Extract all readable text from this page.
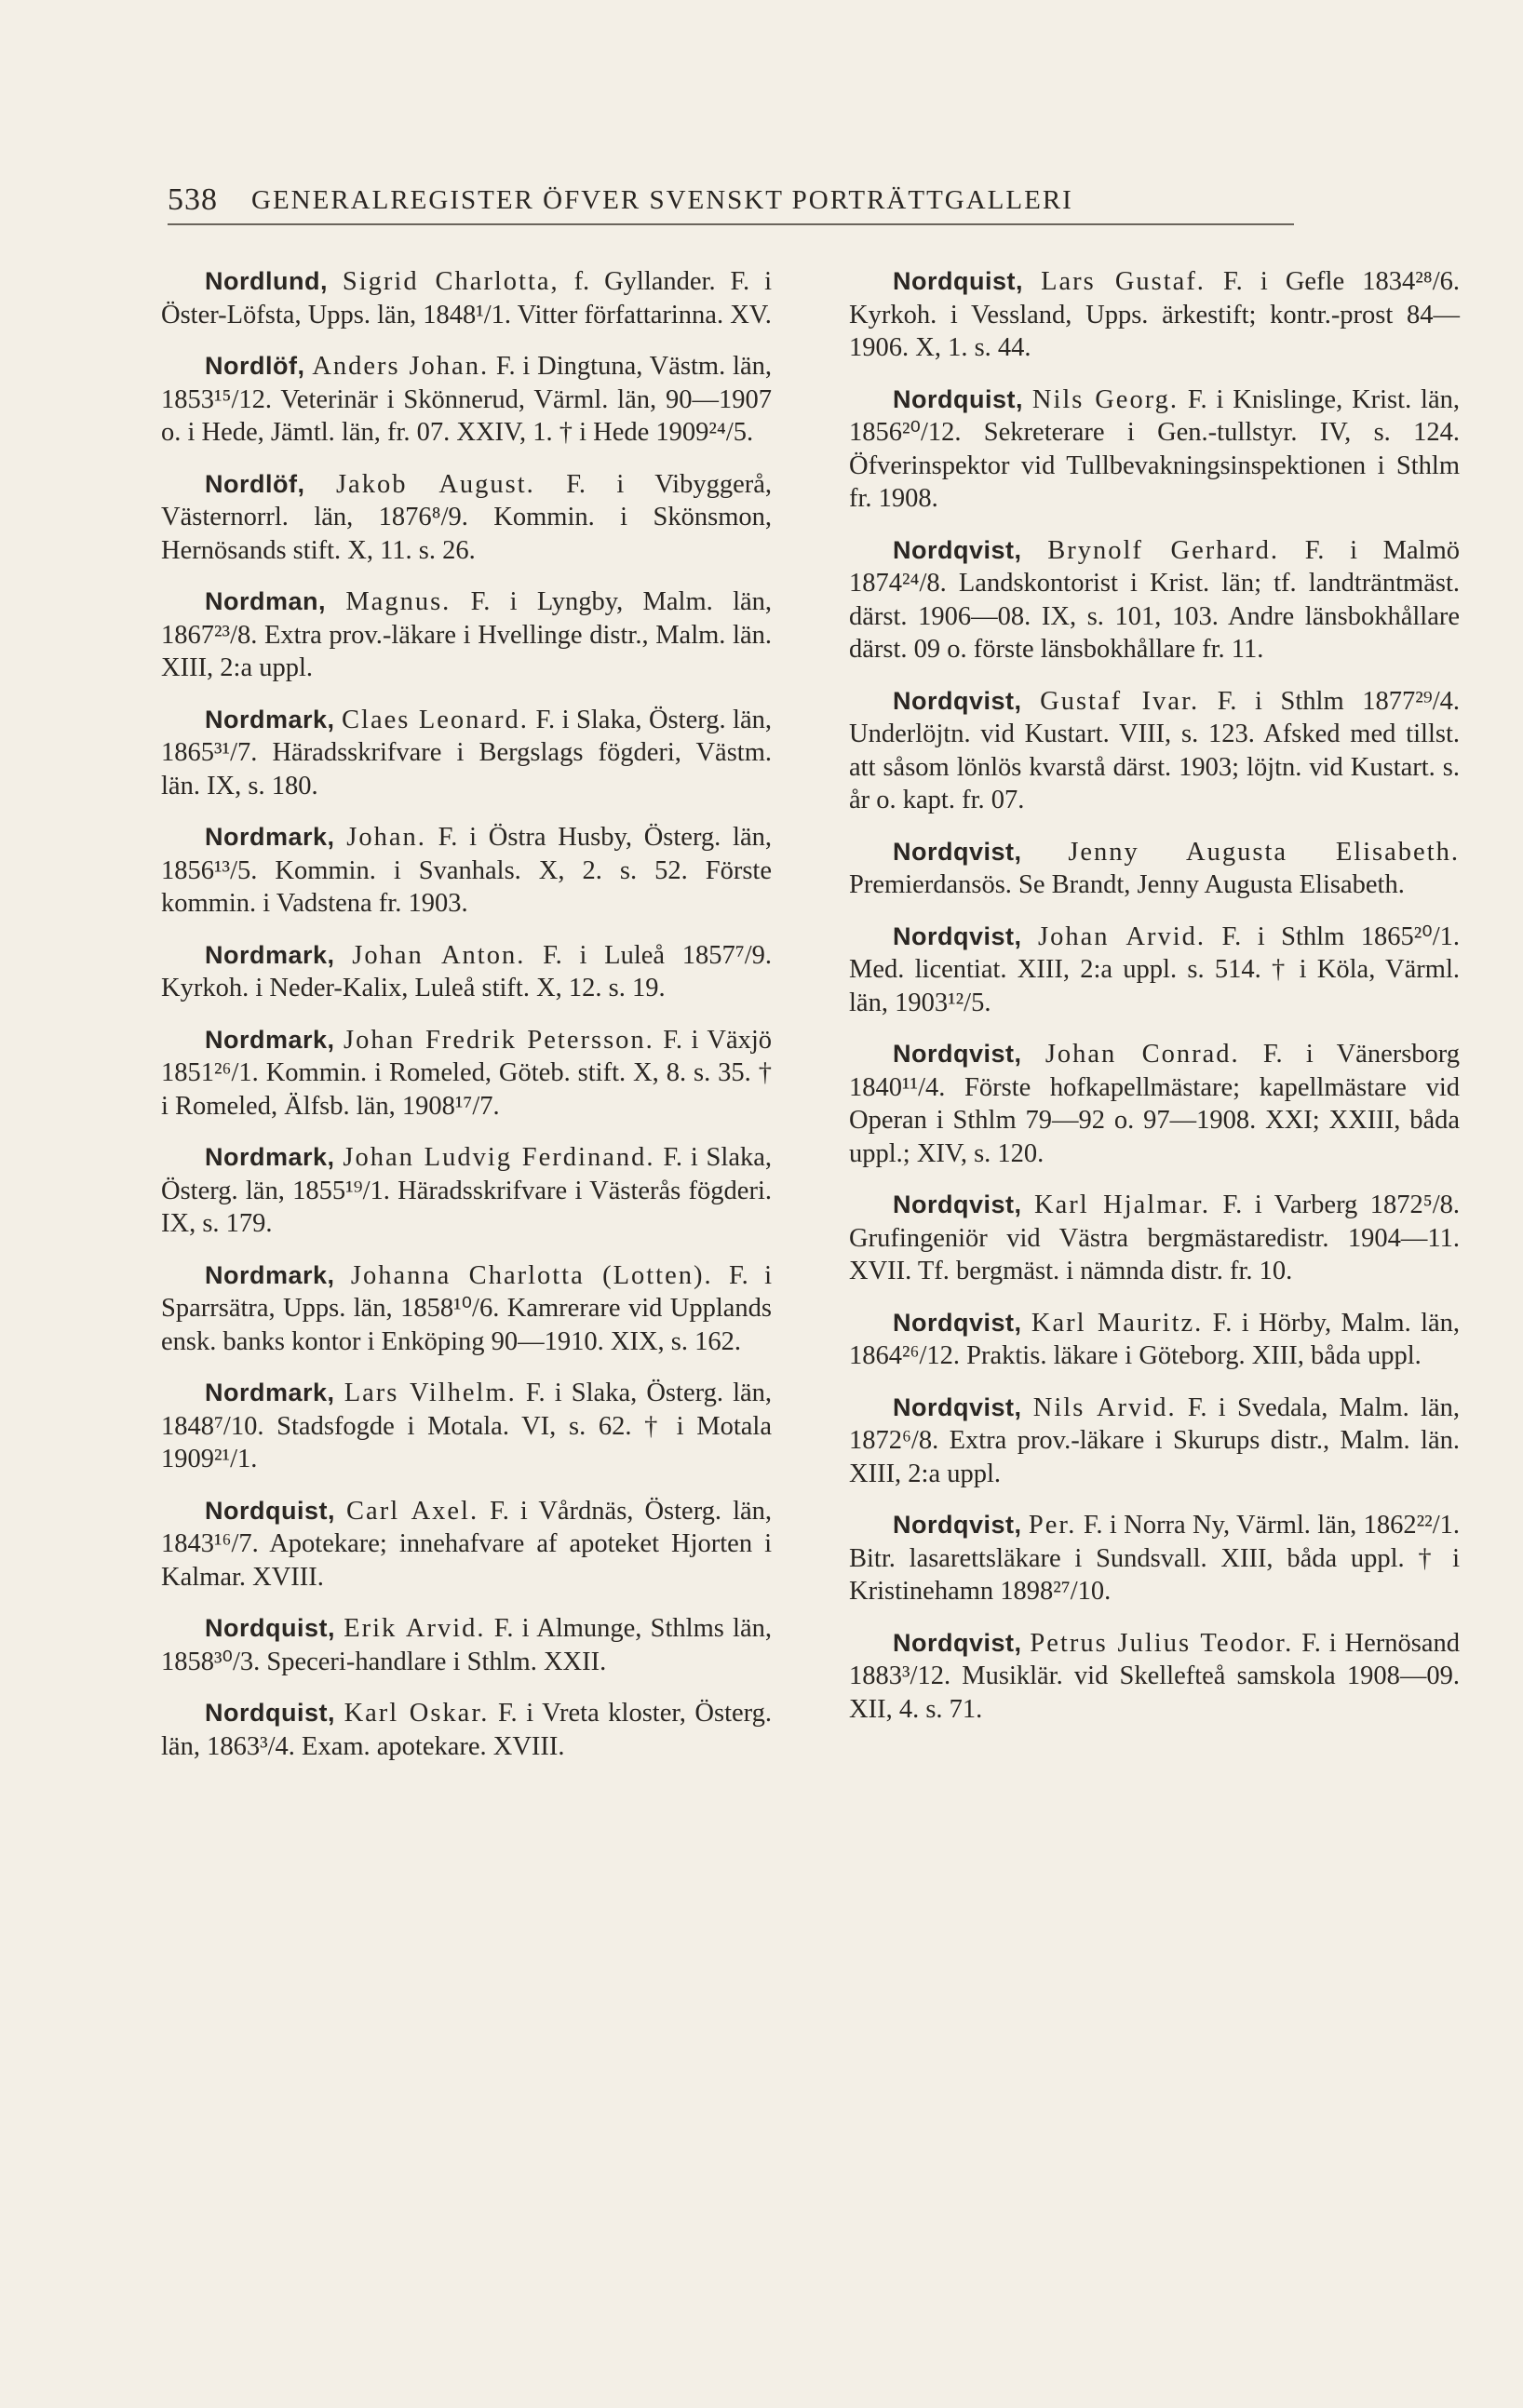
538 GENERALREGISTER ÖFVER SVENSKT PORTRÄTTGALLERI

Nordlund, Sigrid Charlotta, f. Gyllander. F. i Öster-Löfsta, Upps. län, 1848¹/1. Vitter författarinna. XV.

Nordlöf, Anders Johan. F. i Dingtuna, Västm. län, 1853¹⁵/12. Veterinär i Skönnerud, Värml. län, 90—1907 o. i Hede, Jämtl. län, fr. 07. XXIV, 1. † i Hede 1909²⁴/5.

Nordlöf, Jakob August. F. i Vibyggerå, Västernorrl. län, 1876⁸/9. Kommin. i Skönsmon, Hernösands stift. X, 11. s. 26.

Nordman, Magnus. F. i Lyngby, Malm. län, 1867²³/8. Extra prov.-läkare i Hvellinge distr., Malm. län. XIII, 2:a uppl.

Nordmark, Claes Leonard. F. i Slaka, Österg. län, 1865³¹/7. Häradsskrifvare i Bergslags fögderi, Västm. län. IX, s. 180.

Nordmark, Johan. F. i Östra Husby, Österg. län, 1856¹³/5. Kommin. i Svanhals. X, 2. s. 52. Förste kommin. i Vadstena fr. 1903.

Nordmark, Johan Anton. F. i Luleå 1857⁷/9. Kyrkoh. i Neder-Kalix, Luleå stift. X, 12. s. 19.

Nordmark, Johan Fredrik Petersson. F. i Växjö 1851²⁶/1. Kommin. i Romeled, Göteb. stift. X, 8. s. 35. † i Romeled, Älfsb. län, 1908¹⁷/7.

Nordmark, Johan Ludvig Ferdinand. F. i Slaka, Österg. län, 1855¹⁹/1. Häradsskrifvare i Västerås fögderi. IX, s. 179.

Nordmark, Johanna Charlotta (Lotten). F. i Sparrsätra, Upps. län, 1858¹⁰/6. Kamrerare vid Upplands ensk. banks kontor i Enköping 90—1910. XIX, s. 162.

Nordmark, Lars Vilhelm. F. i Slaka, Österg. län, 1848⁷/10. Stadsfogde i Motala. VI, s. 62. † i Motala 1909²¹/1.

Nordquist, Carl Axel. F. i Vårdnäs, Österg. län, 1843¹⁶/7. Apotekare; innehafvare af apoteket Hjorten i Kalmar. XVIII.

Nordquist, Erik Arvid. F. i Almunge, Sthlms län, 1858³⁰/3. Speceri-handlare i Sthlm. XXII.

Nordquist, Karl Oskar. F. i Vreta kloster, Österg. län, 1863³/4. Exam. apotekare. XVIII.

Nordquist, Lars Gustaf. F. i Gefle 1834²⁸/6. Kyrkoh. i Vessland, Upps. ärkestift; kontr.-prost 84—1906. X, 1. s. 44.

Nordquist, Nils Georg. F. i Knislinge, Krist. län, 1856²⁰/12. Sekreterare i Gen.-tullstyr. IV, s. 124. Öfverinspektor vid Tullbevakningsinspektionen i Sthlm fr. 1908.

Nordqvist, Brynolf Gerhard. F. i Malmö 1874²⁴/8. Landskontorist i Krist. län; tf. landträntmäst. därst. 1906—08. IX, s. 101, 103. Andre länsbokhållare därst. 09 o. förste länsbokhållare fr. 11.

Nordqvist, Gustaf Ivar. F. i Sthlm 1877²⁹/4. Underlöjtn. vid Kustart. VIII, s. 123. Afsked med tillst. att såsom lönlös kvarstå därst. 1903; löjtn. vid Kustart. s. år o. kapt. fr. 07.

Nordqvist, Jenny Augusta Elisabeth. Premierdansös. Se Brandt, Jenny Augusta Elisabeth.

Nordqvist, Johan Arvid. F. i Sthlm 1865²⁰/1. Med. licentiat. XIII, 2:a uppl. s. 514. † i Köla, Värml. län, 1903¹²/5.

Nordqvist, Johan Conrad. F. i Vänersborg 1840¹¹/4. Förste hofkapellmästare; kapellmästare vid Operan i Sthlm 79—92 o. 97—1908. XXI; XXIII, båda uppl.; XIV, s. 120.

Nordqvist, Karl Hjalmar. F. i Varberg 1872⁵/8. Grufingeniör vid Västra bergmästaredistr. 1904—11. XVII. Tf. bergmäst. i nämnda distr. fr. 10.

Nordqvist, Karl Mauritz. F. i Hörby, Malm. län, 1864²⁶/12. Praktis. läkare i Göteborg. XIII, båda uppl.

Nordqvist, Nils Arvid. F. i Svedala, Malm. län, 1872⁶/8. Extra prov.-läkare i Skurups distr., Malm. län. XIII, 2:a uppl.

Nordqvist, Per. F. i Norra Ny, Värml. län, 1862²²/1. Bitr. lasarettsläkare i Sundsvall. XIII, båda uppl. † i Kristinehamn 1898²⁷/10.

Nordqvist, Petrus Julius Teodor. F. i Hernösand 1883³/12. Musiklär. vid Skellefteå samskola 1908—09. XII, 4. s. 71.
